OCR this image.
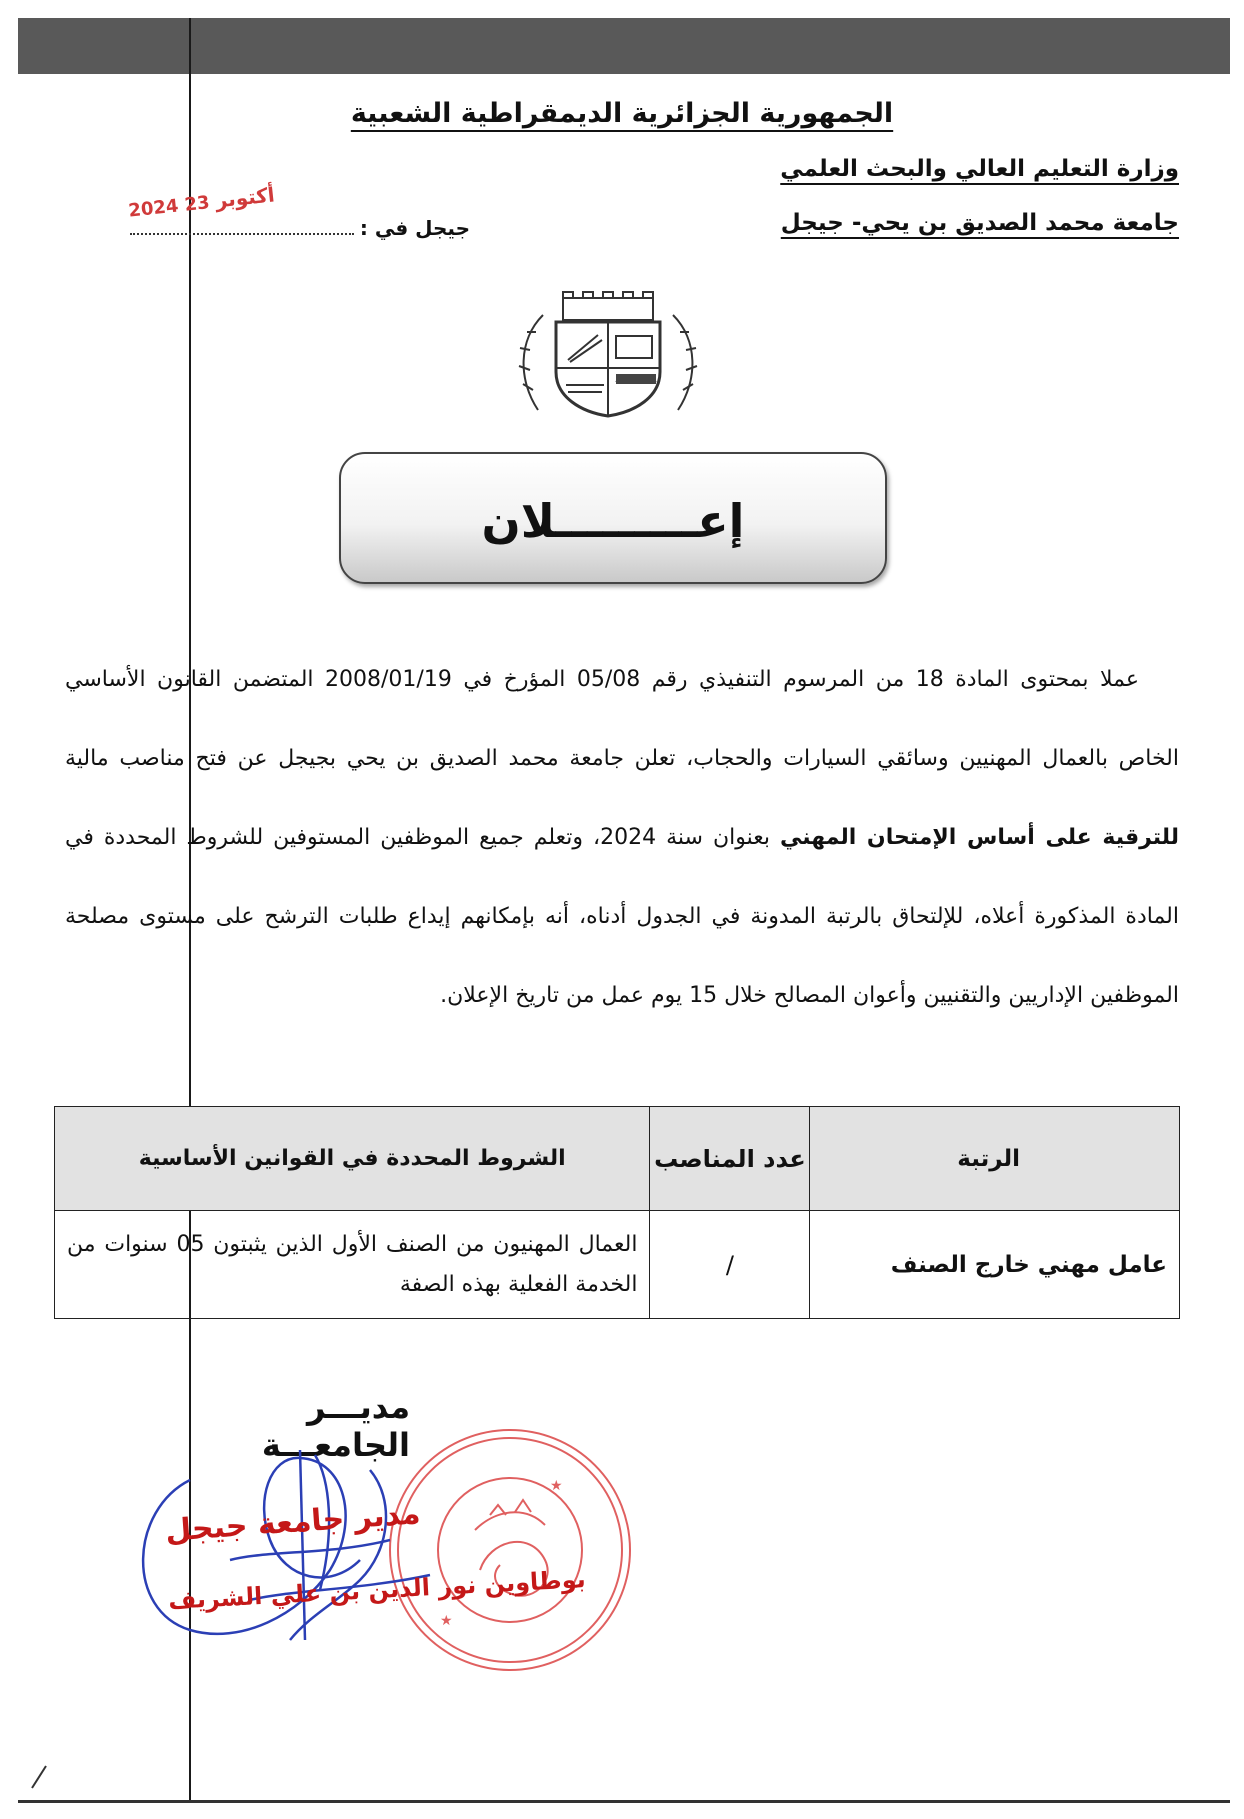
الجمهورية الجزائرية الديمقراطية الشعبية
وزارة التعليم العالي والبحث العلمي
جامعة محمد الصديق بن يحي- جيجل
جيجل في :
2024 أكتوبر 23
إعـــــــــلان

عملا بمحتوى المادة 18 من المرسوم التنفيذي رقم 05/08 المؤرخ في 2008/01/19 المتضمن القانون الأساسي الخاص بالعمال المهنيين وسائقي السيارات والحجاب، تعلن جامعة محمد الصديق بن يحي بجيجل عن فتح مناصب مالية للترقية على أساس الإمتحان المهني بعنوان سنة 2024، وتعلم جميع الموظفين المستوفين للشروط المحددة في المادة المذكورة أعلاه، للإلتحاق بالرتبة المدونة في الجدول أدناه، أنه بإمكانهم إيداع طلبات الترشح على مستوى مصلحة الموظفين الإداريين والتقنيين وأعوان المصالح خلال 15 يوم عمل من تاريخ الإعلان.

الرتبة	عدد المناصب	الشروط المحددة في القوانين الأساسية
عامل مهني خارج الصنف	/	العمال المهنيون من الصنف الأول الذين يثبتون 05 سنوات من الخدمة الفعلية بهذه الصفة
مديـــر الجامعـــة
★
★
مدير جامعة جيجل
بوطاوين نور الدين بن علي الشريف
